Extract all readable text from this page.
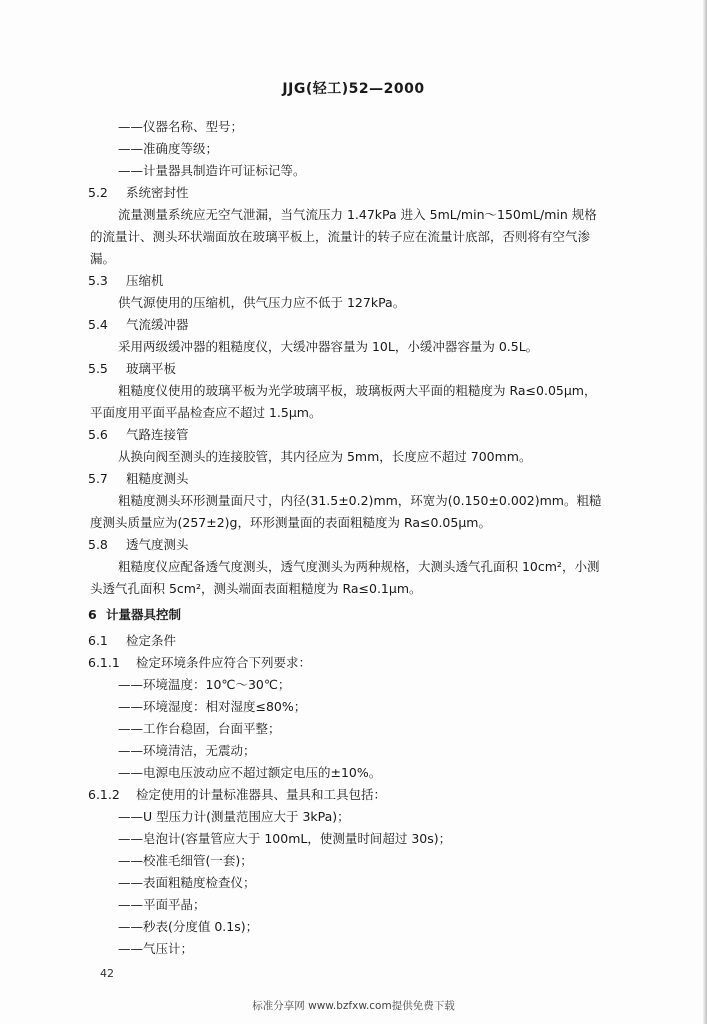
JJG(轻工)52—2000
——仪器名称、型号；
——准确度等级；
——计量器具制造许可证标记等。
5.2 系统密封性
流量测量系统应无空气泄漏，当气流压力 1.47kPa 进入 5mL/min～150mL/min 规格
的流量计、测头环状端面放在玻璃平板上，流量计的转子应在流量计底部，否则将有空气渗
漏。
5.3 压缩机
供气源使用的压缩机，供气压力应不低于 127kPa。
5.4 气流缓冲器
采用两级缓冲器的粗糙度仪，大缓冲器容量为 10L，小缓冲器容量为 0.5L。
5.5 玻璃平板
粗糙度仪使用的玻璃平板为光学玻璃平板，玻璃板两大平面的粗糙度为 Ra≤0.05μm，
平面度用平面平晶检查应不超过 1.5μm。
5.6 气路连接管
从换向阀至测头的连接胶管，其内径应为 5mm，长度应不超过 700mm。
5.7 粗糙度测头
粗糙度测头环形测量面尺寸，内径(31.5±0.2)mm，环宽为(0.150±0.002)mm。粗糙
度测头质量应为(257±2)g，环形测量面的表面粗糙度为 Ra≤0.05μm。
5.8 透气度测头
粗糙度仪应配备透气度测头，透气度测头为两种规格，大测头透气孔面积 10cm²，小测
头透气孔面积 5cm²，测头端面表面粗糙度为 Ra≤0.1μm。
6 计量器具控制
6.1 检定条件
6.1.1 检定环境条件应符合下列要求：
——环境温度：10℃～30℃；
——环境湿度：相对湿度≤80%；
——工作台稳固，台面平整；
——环境清洁，无震动；
——电源电压波动应不超过额定电压的±10%。
6.1.2 检定使用的计量标准器具、量具和工具包括：
——U 型压力计(测量范围应大于 3kPa)；
——皂泡计(容量管应大于 100mL，使测量时间超过 30s)；
——校准毛细管(一套)；
——表面粗糙度检查仪；
——平面平晶；
——秒表(分度值 0.1s)；
——气压计；
42
标准分享网 www.bzfxw.com提供免费下载
